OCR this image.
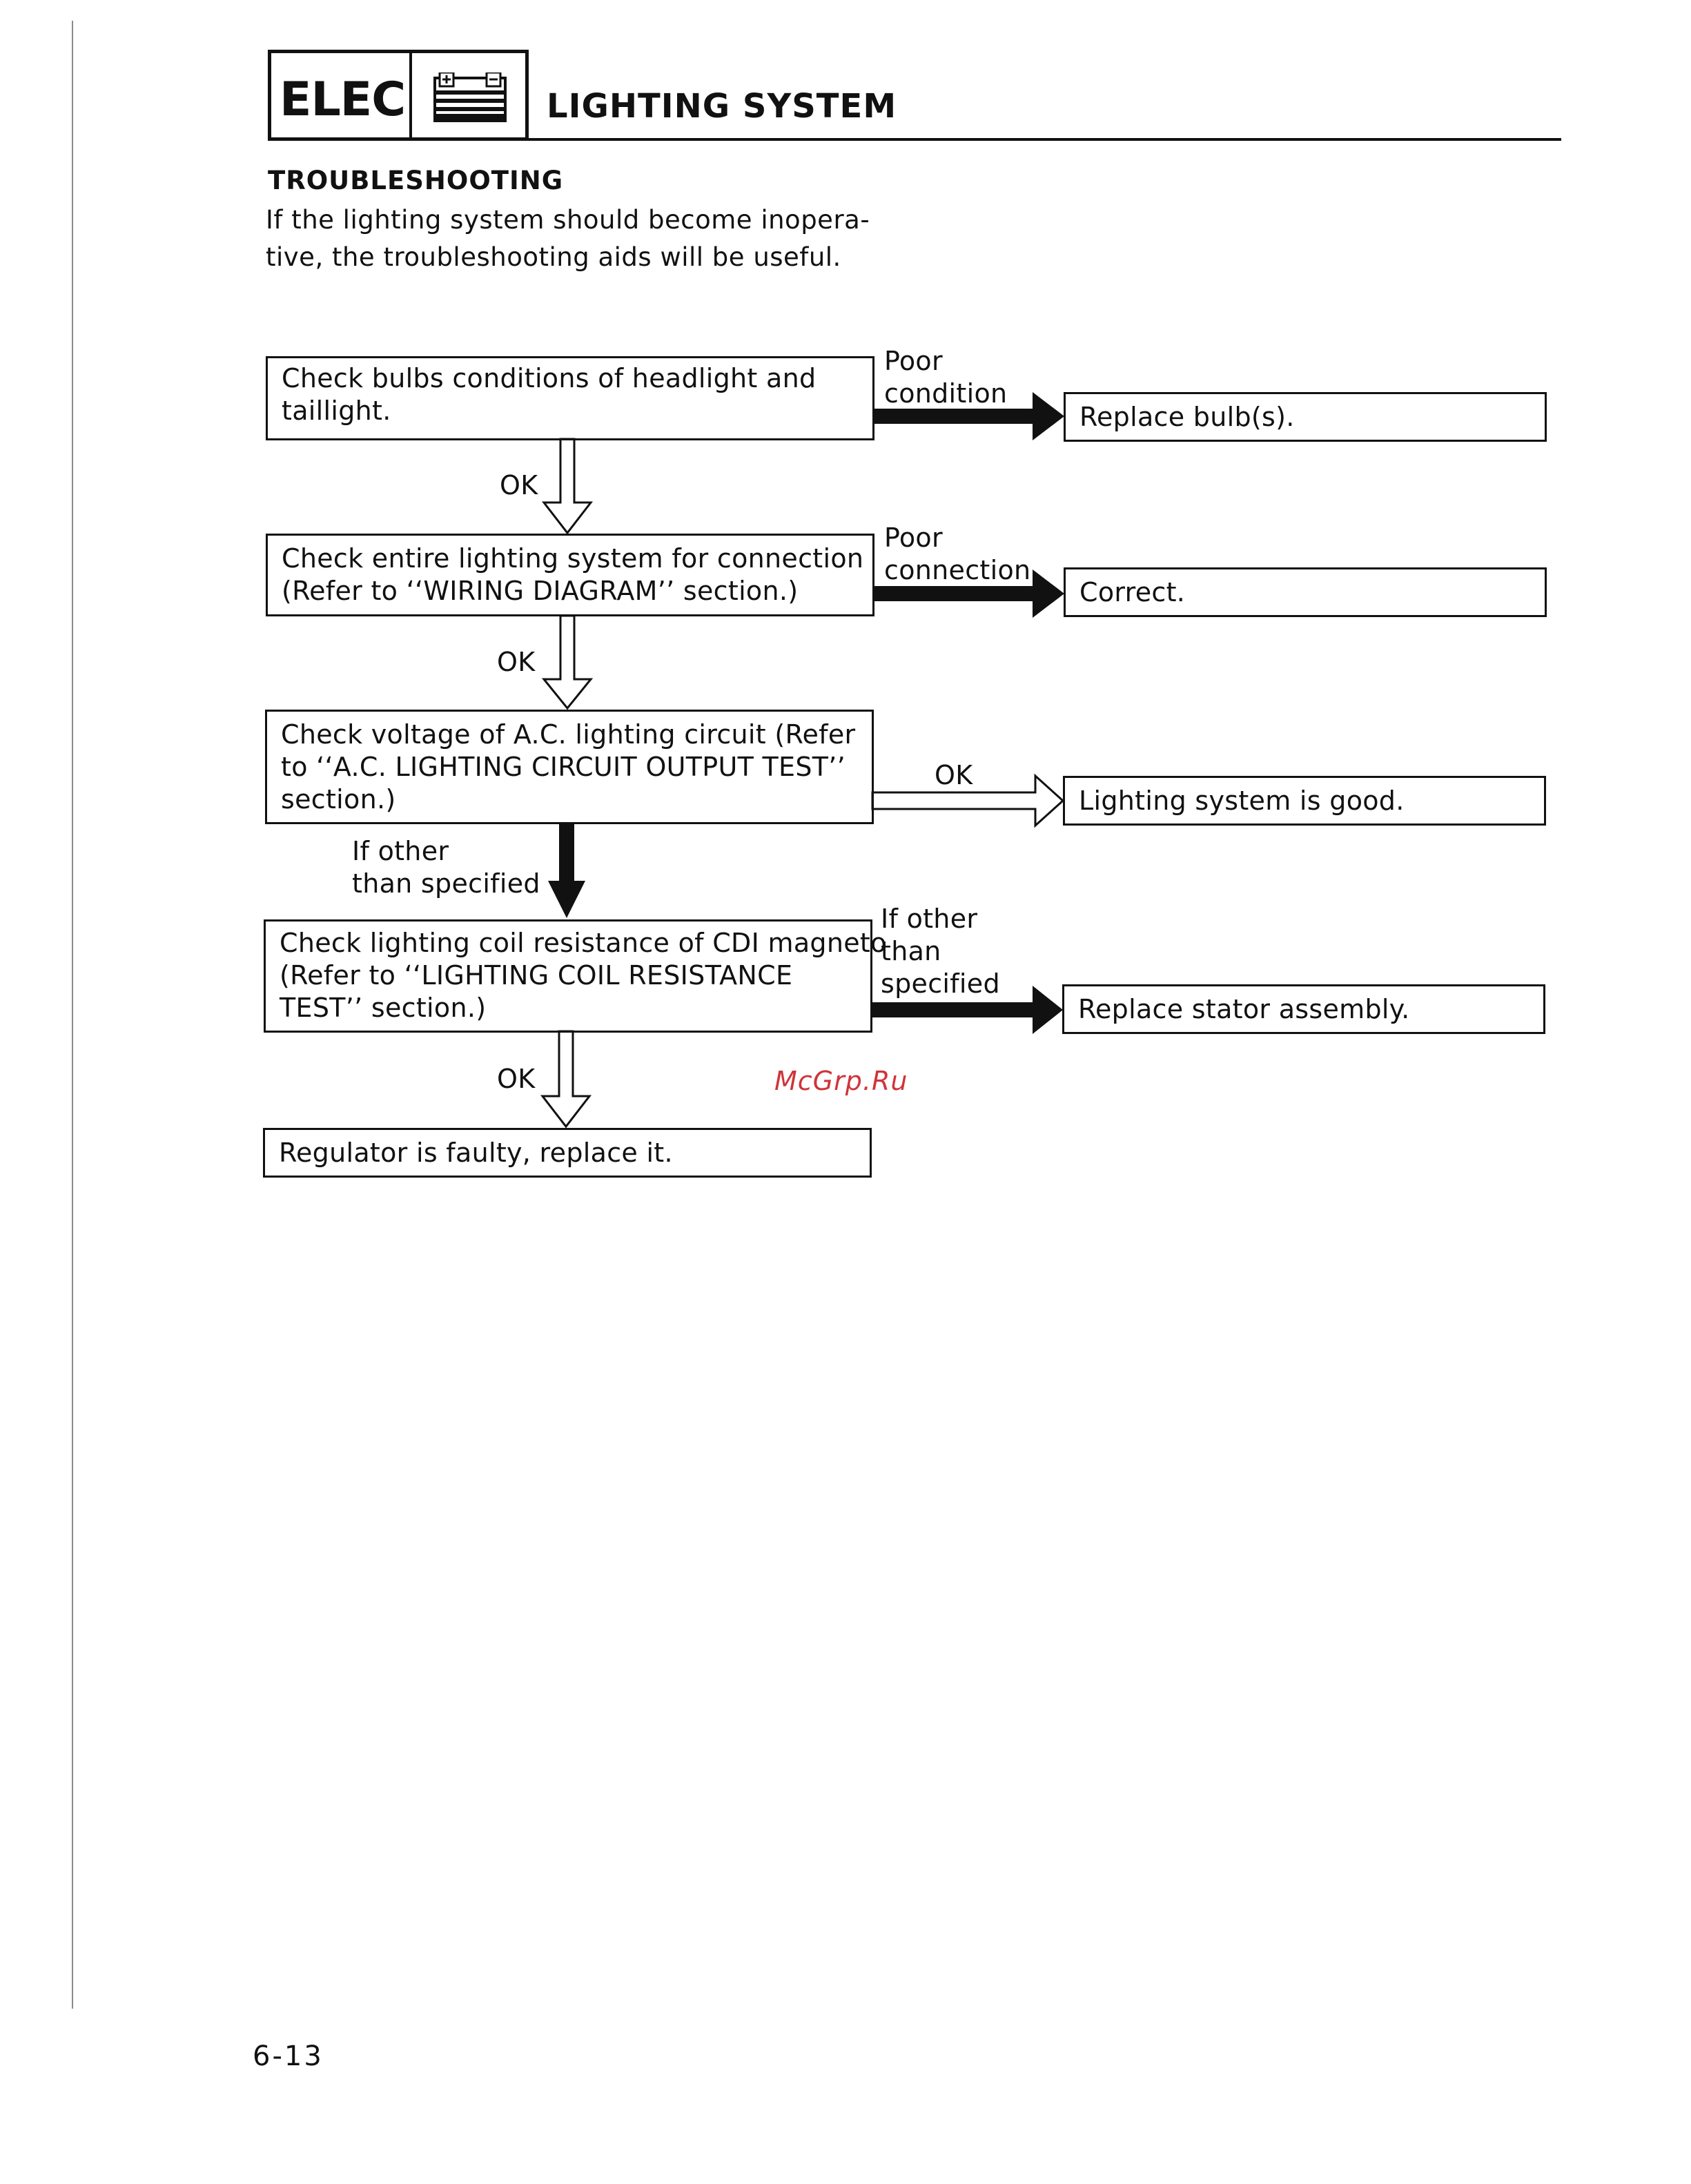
ELEC	LIGHTING SYSTEM
TROUBLESHOOTING
If the lighting system should become inopera-
tive, the troubleshooting aids will be useful.
Check bulbs conditions of headlight and
taillight.
Poor
condition
Replace bulb(s).
OK
Check entire lighting system for connection
(Refer to ‘‘WIRING DIAGRAM’’ section.)
Poor
connection
Correct.
OK
Check voltage of A.C. lighting circuit (Refer
to ‘‘A.C. LIGHTING CIRCUIT OUTPUT TEST’’
section.)
OK
Lighting system is good.
If other
than specified
Check lighting coil resistance of CDI magneto
(Refer to ‘‘LIGHTING COIL RESISTANCE
TEST’’ section.)
If other
than
specified
Replace stator assembly.
OK
Regulator is faulty, replace it.
McGrp.Ru
6-13
